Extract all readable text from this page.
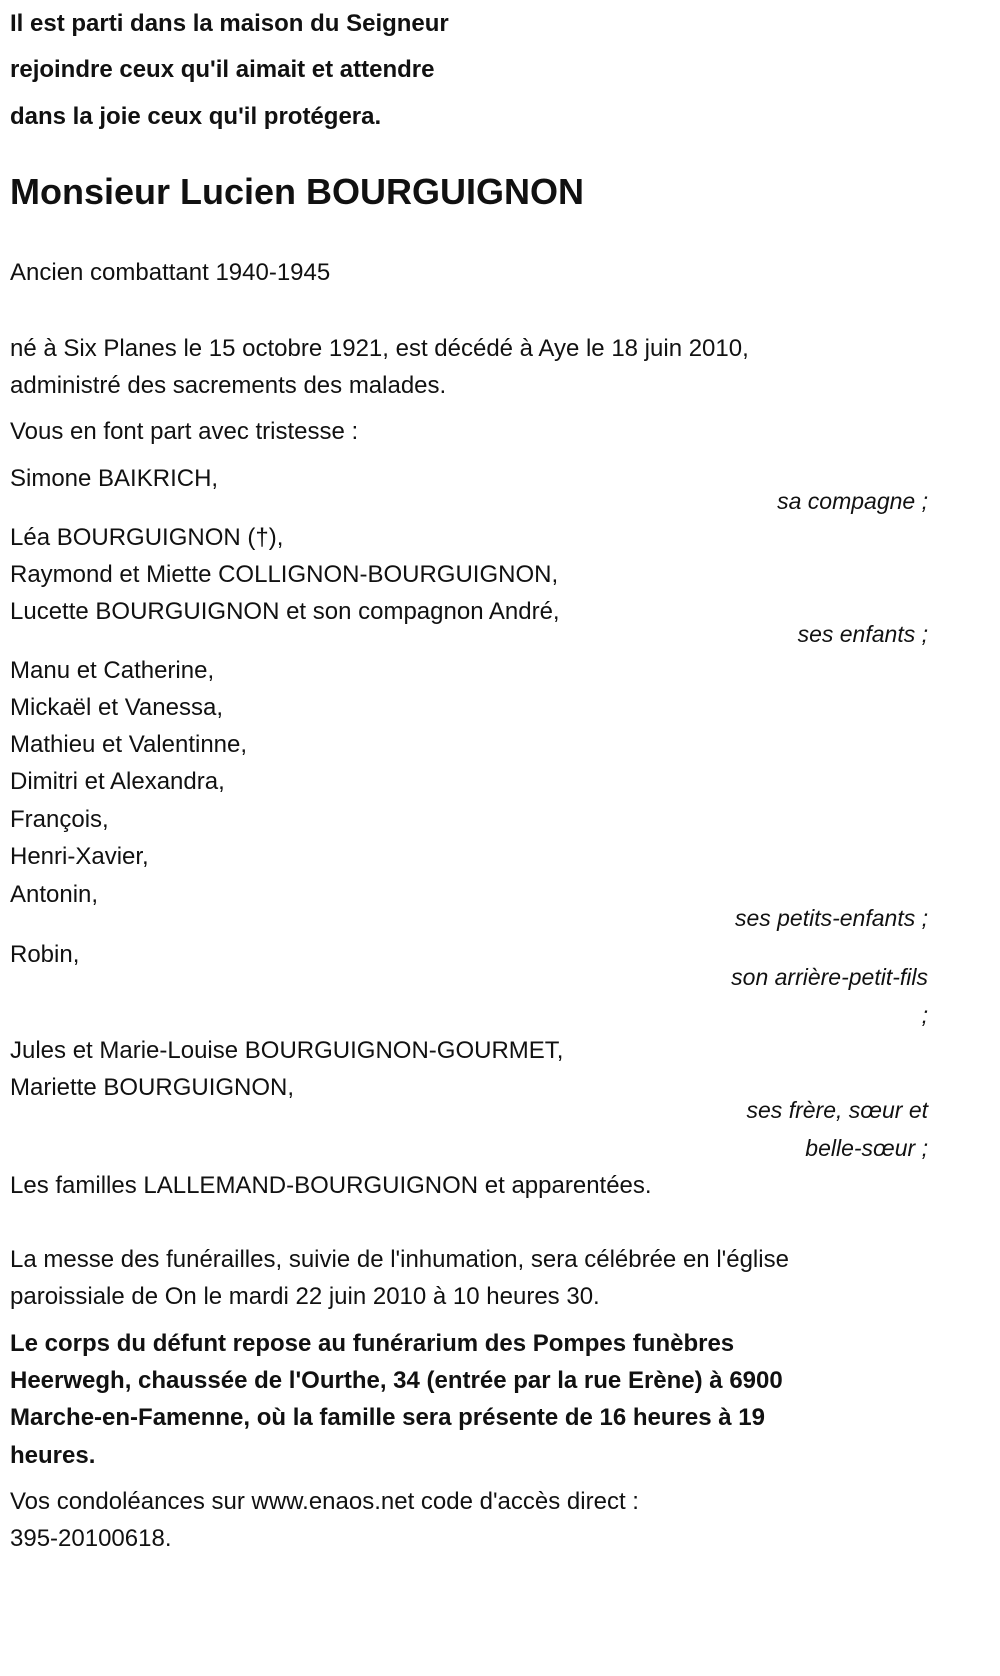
Il est parti dans la maison du Seigneur
rejoindre ceux qu'il aimait et attendre
dans la joie ceux qu'il protégera.
Monsieur Lucien BOURGUIGNON
Ancien combattant 1940-1945
né à Six Planes le 15 octobre 1921, est décédé à Aye le 18 juin 2010,
administré des sacrements des malades.
Vous en font part avec tristesse :
Simone BAIKRICH,
sa compagne ;
Léa BOURGUIGNON (†),
Raymond et Miette COLLIGNON-BOURGUIGNON,
Lucette BOURGUIGNON et son compagnon André,
ses enfants ;
Manu et Catherine,
Mickaël et Vanessa,
Mathieu et Valentinne,
Dimitri et Alexandra,
François,
Henri-Xavier,
Antonin,
ses petits-enfants ;
Robin,
son arrière-petit-fils
;
Jules et Marie-Louise BOURGUIGNON-GOURMET,
Mariette BOURGUIGNON,
ses frère, sœur et
belle-sœur ;
Les familles LALLEMAND-BOURGUIGNON et apparentées.
La messe des funérailles, suivie de l'inhumation, sera célébrée en l'église
paroissiale de On le mardi 22 juin 2010 à 10 heures 30.
Le corps du défunt repose au funérarium des Pompes funèbres
Heerwegh, chaussée de l'Ourthe, 34 (entrée par la rue Erène) à 6900
Marche-en-Famenne, où la famille sera présente de 16 heures à 19
heures.
Vos condoléances sur www.enaos.net code d'accès direct :
395-20100618.
